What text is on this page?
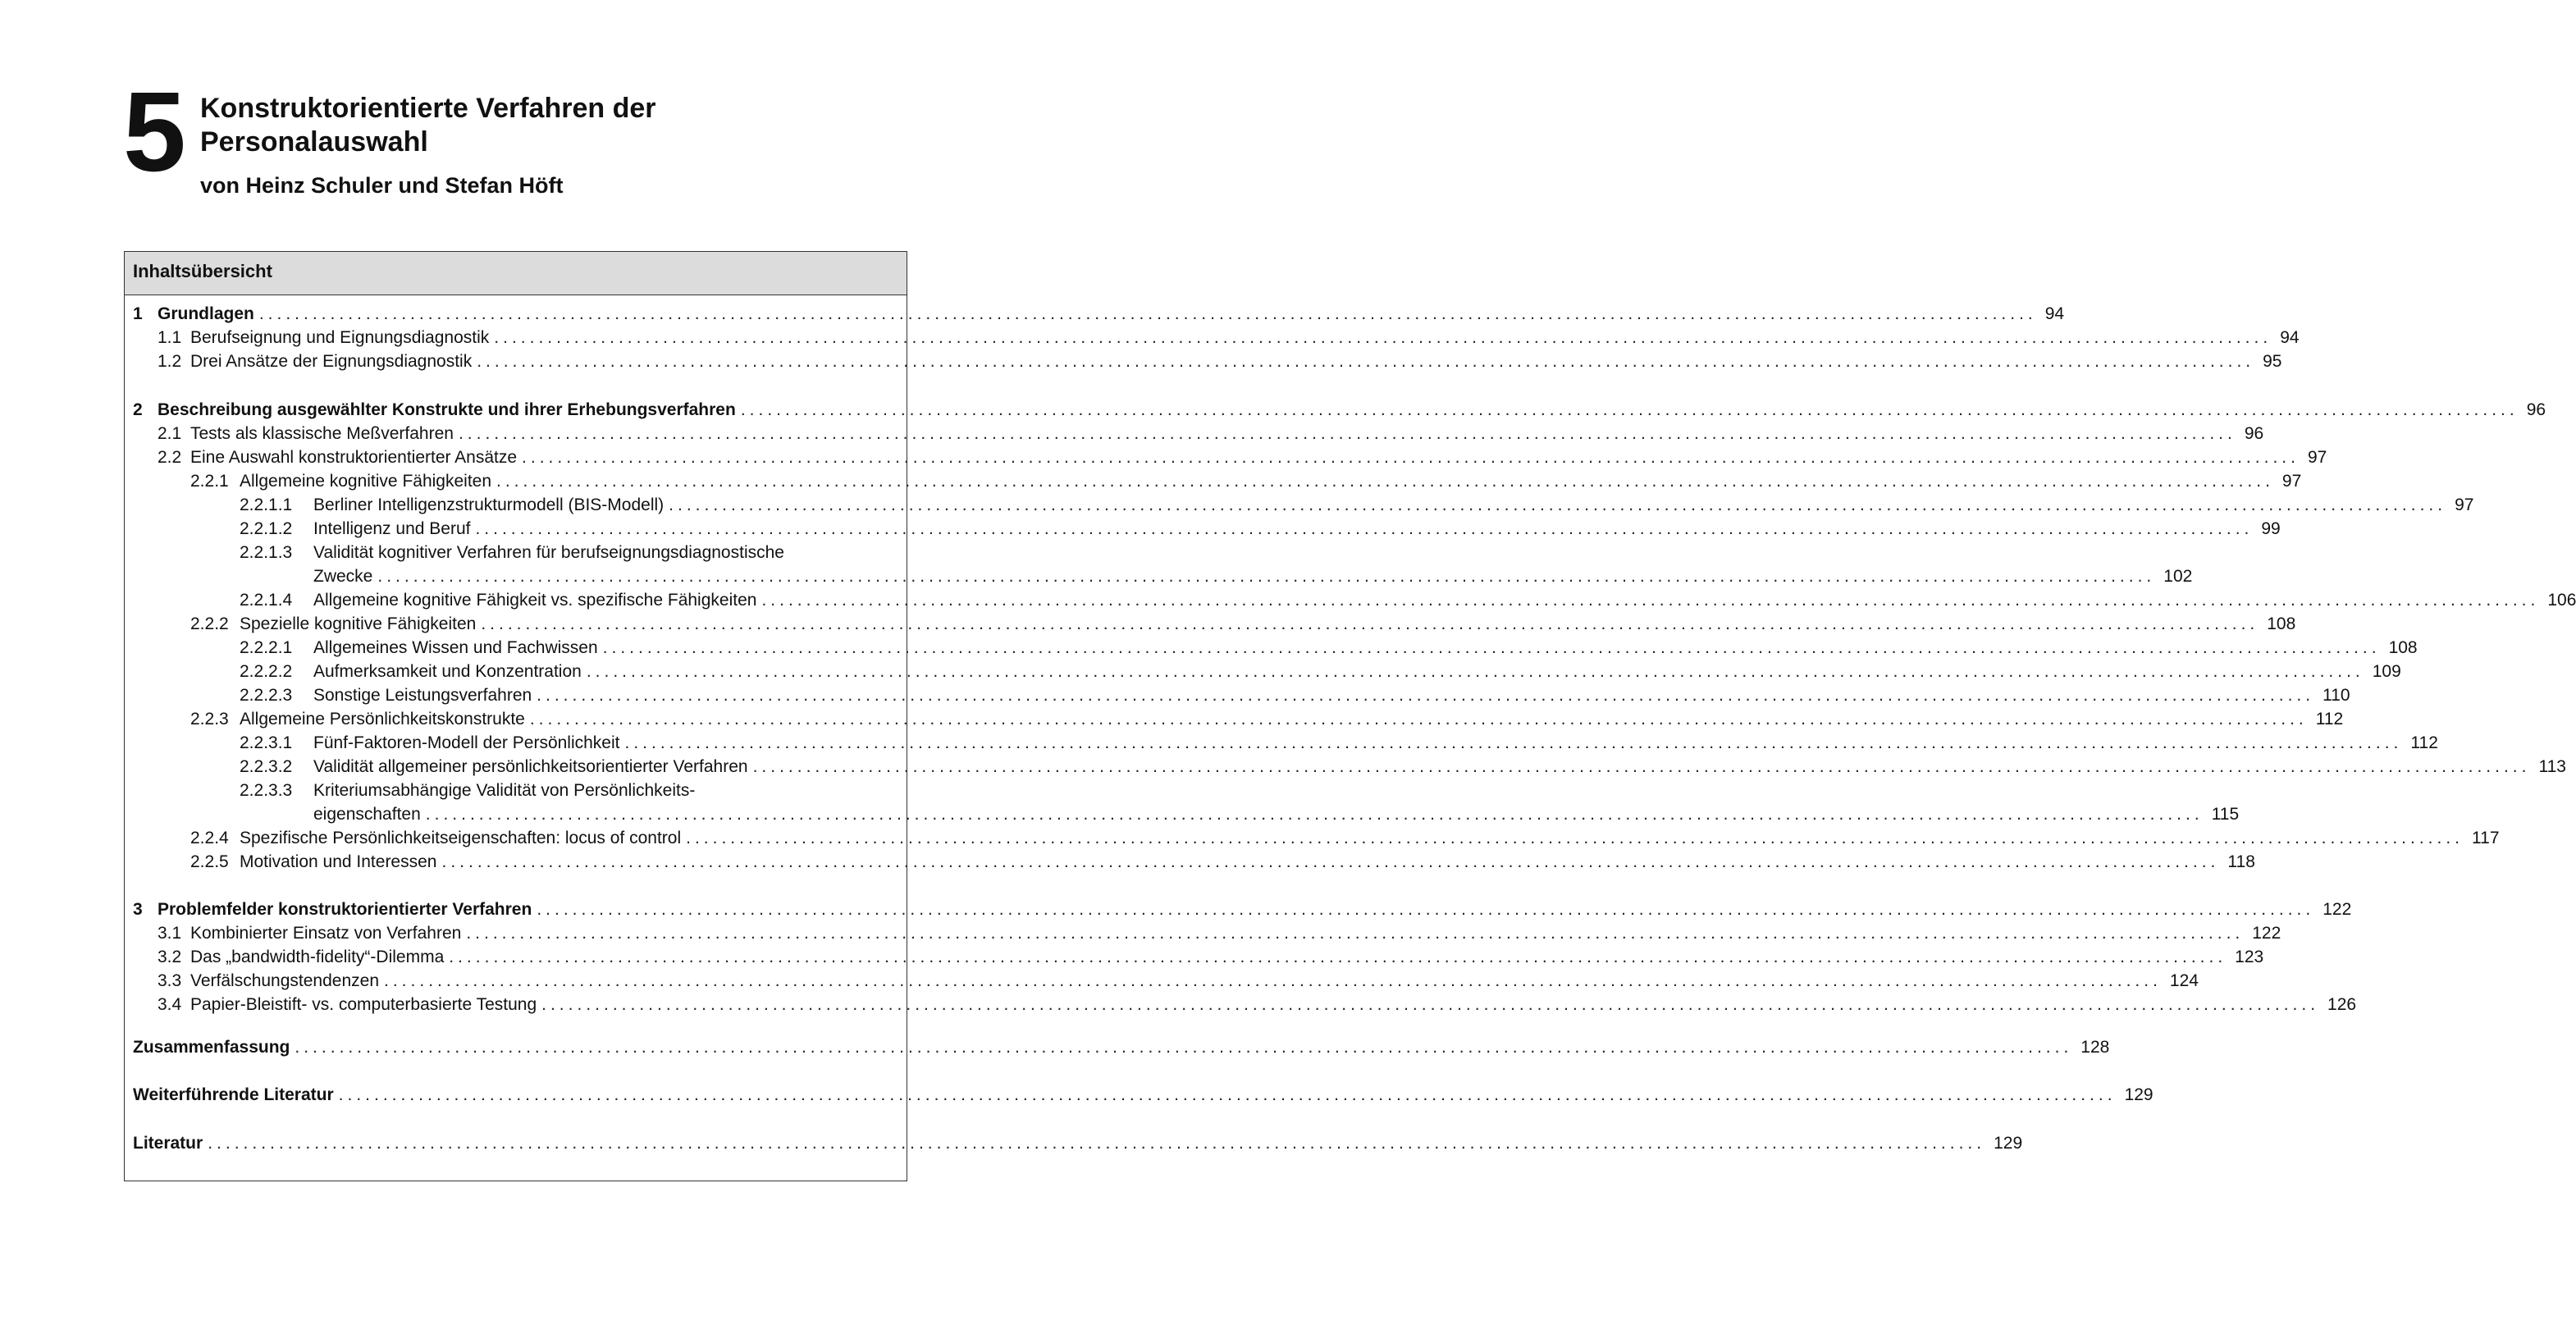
5 Konstruktorientierte Verfahren der
Personalauswahl
von Heinz Schuler und Stefan Höft
Inhaltsübersicht
1 Grundlagen ........................................................................................................................................................................................................ 94
1.1 Berufseignung und Eignungsdiagnostik ........................................................................................................................................................................................................ 94
1.2 Drei Ansätze der Eignungsdiagnostik ........................................................................................................................................................................................................ 95
2 Beschreibung ausgewählter Konstrukte und ihrer Erhebungsverfahren ........................................................................................................................................................................................................ 96
2.1 Tests als klassische Meßverfahren ........................................................................................................................................................................................................ 96
2.2 Eine Auswahl konstruktorientierter Ansätze ........................................................................................................................................................................................................ 97
2.2.1 Allgemeine kognitive Fähigkeiten ........................................................................................................................................................................................................ 97
2.2.1.1	Berliner Intelligenzstrukturmodell (BIS-Modell) ........................................................................................................................................................................................................ 97
2.2.1.2	Intelligenz und Beruf ........................................................................................................................................................................................................ 99
2.2.1.3	Validität kognitiver Verfahren für berufseignungsdiagnostische
Zwecke ........................................................................................................................................................................................................ 102
2.2.1.4	Allgemeine kognitive Fähigkeit vs. spezifische Fähigkeiten ........................................................................................................................................................................................................ 106
2.2.2 Spezielle kognitive Fähigkeiten ........................................................................................................................................................................................................ 108
2.2.2.1	Allgemeines Wissen und Fachwissen ........................................................................................................................................................................................................ 108
2.2.2.2	Aufmerksamkeit und Konzentration ........................................................................................................................................................................................................ 109
2.2.2.3	Sonstige Leistungsverfahren ........................................................................................................................................................................................................ 110
2.2.3 Allgemeine Persönlichkeitskonstrukte ........................................................................................................................................................................................................ 112
2.2.3.1	Fünf-Faktoren-Modell der Persönlichkeit ........................................................................................................................................................................................................ 112
2.2.3.2	Validität allgemeiner persönlichkeitsorientierter Verfahren ........................................................................................................................................................................................................ 113
2.2.3.3	Kriteriumsabhängige Validität von Persönlichkeits-
eigenschaften ........................................................................................................................................................................................................ 115
2.2.4 Spezifische Persönlichkeitseigenschaften: locus of control ........................................................................................................................................................................................................ 117
2.2.5 Motivation und Interessen ........................................................................................................................................................................................................ 118
3 Problemfelder konstruktorientierter Verfahren ........................................................................................................................................................................................................ 122
3.1 Kombinierter Einsatz von Verfahren ........................................................................................................................................................................................................ 122
3.2 Das „bandwidth-fidelity“-Dilemma ........................................................................................................................................................................................................ 123
3.3 Verfälschungstendenzen ........................................................................................................................................................................................................ 124
3.4 Papier-Bleistift- vs. computerbasierte Testung ........................................................................................................................................................................................................ 126
Zusammenfassung ........................................................................................................................................................................................................ 128
Weiterführende Literatur ........................................................................................................................................................................................................ 129
Literatur ........................................................................................................................................................................................................ 129
